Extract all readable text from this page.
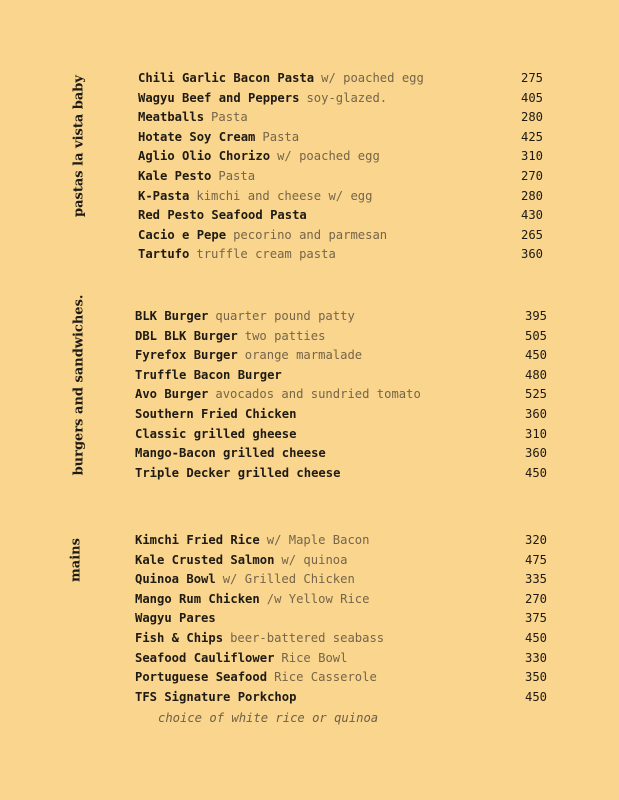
pastas la vista baby	Chili Garlic Bacon Pasta w/ poached egg	275
Wagyu Beef and Peppers soy-glazed.	405
Meatballs Pasta	280
Hotate Soy Cream Pasta	425
Aglio Olio Chorizo w/ poached egg	310
Kale Pesto Pasta	270
K-Pasta kimchi and cheese w/ egg	280
Red Pesto Seafood Pasta	430
Cacio e Pepe pecorino and parmesan	265
Tartufo truffle cream pasta	360
burgers and sandwiches.	BLK Burger quarter pound patty	395
DBL BLK Burger two patties	505
Fyrefox Burger orange marmalade	450
Truffle Bacon Burger	480
Avo Burger avocados and sundried tomato	525
Southern Fried Chicken	360
Classic grilled gheese	310
Mango-Bacon grilled cheese	360
Triple Decker grilled cheese	450
mains	Kimchi Fried Rice w/ Maple Bacon	320
Kale Crusted Salmon w/ quinoa	475
Quinoa Bowl w/ Grilled Chicken	335
Mango Rum Chicken /w Yellow Rice	270
Wagyu Pares	375
Fish & Chips beer-battered seabass	450
Seafood Cauliflower Rice Bowl	330
Portuguese Seafood Rice Casserole	350
TFS Signature Porkchop	450
choice of white rice or quinoa
